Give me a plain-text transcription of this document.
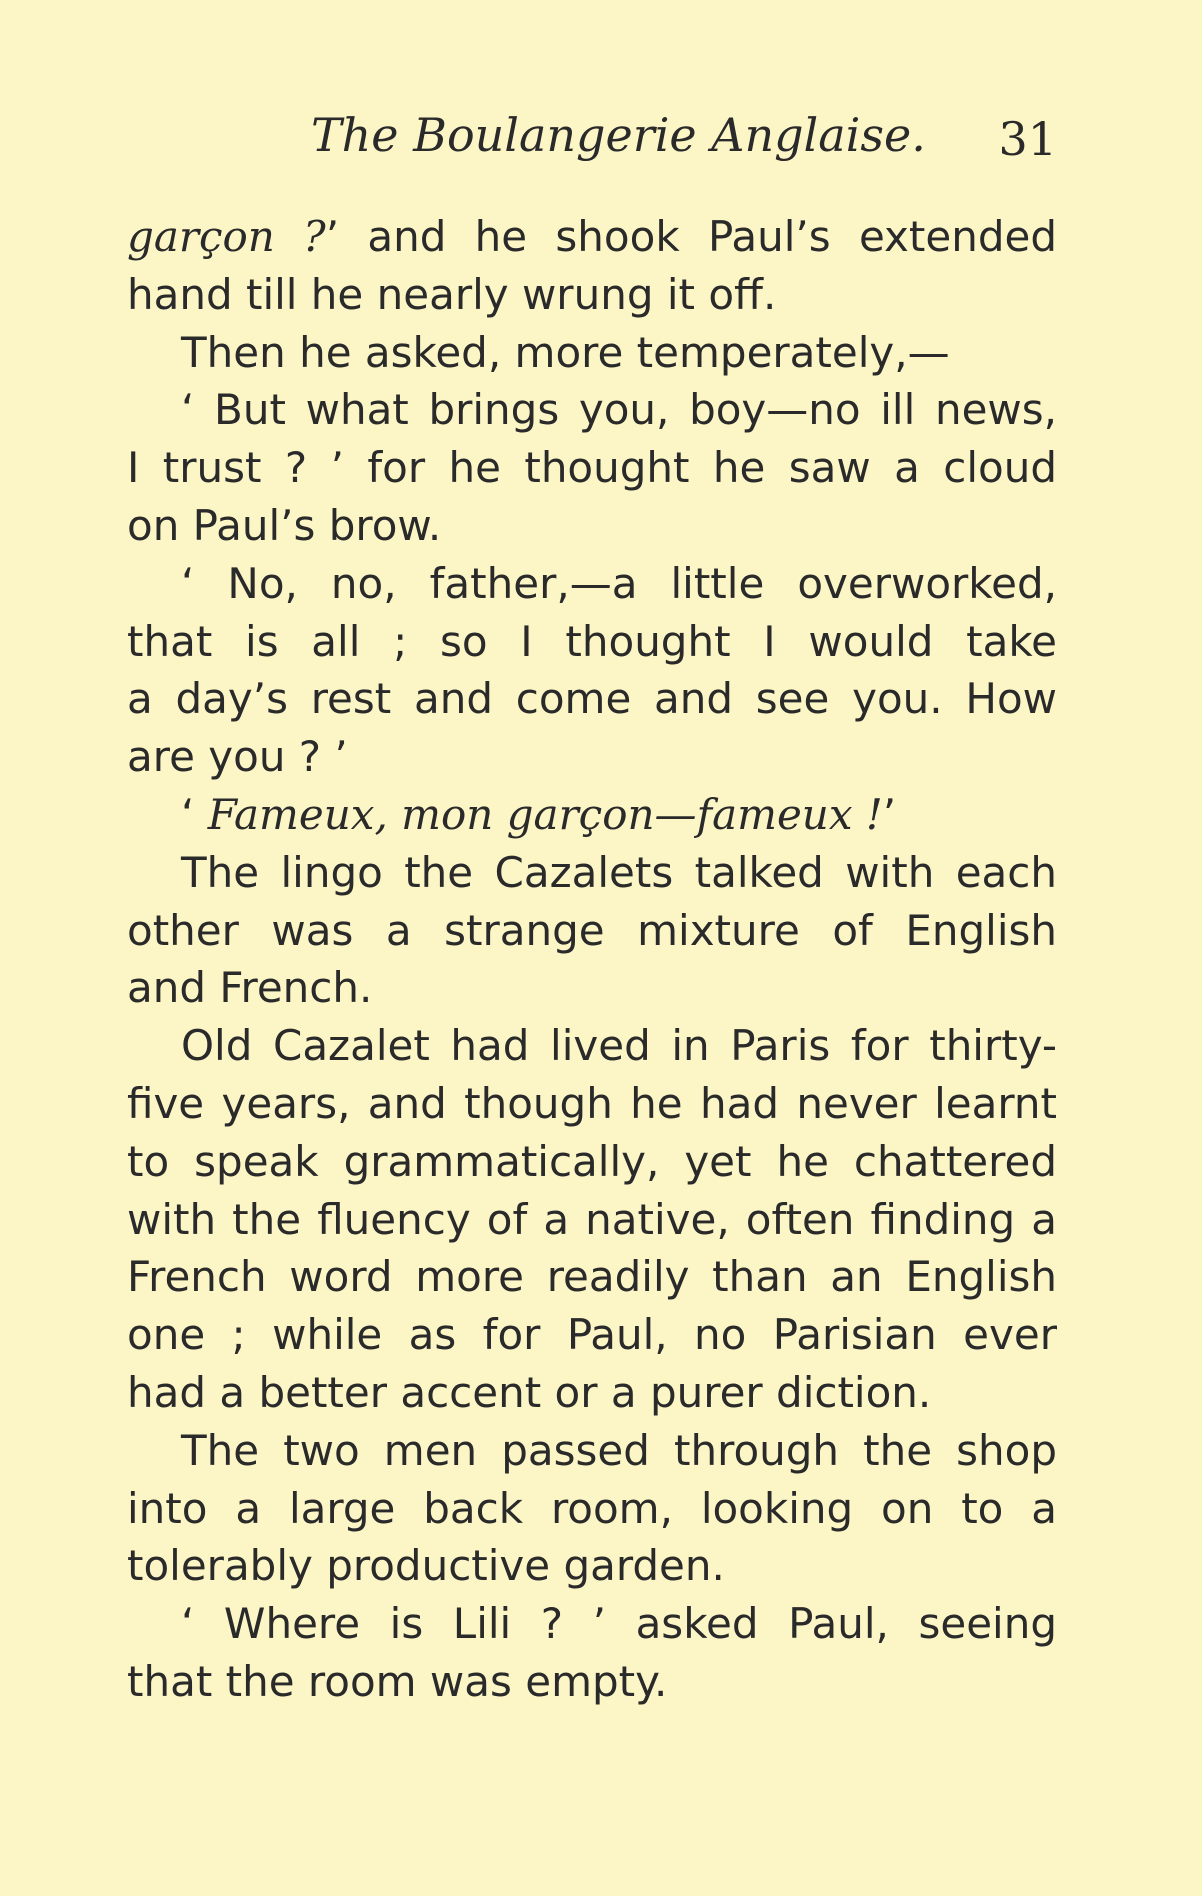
The Boulangerie Anglaise. 31
garçon ?’ and he shook Paul’s extended
hand till he nearly wrung it off.
Then he asked, more temperately,—
‘ But what brings you, boy—no ill news,
I trust ? ’ for he thought he saw a cloud
on Paul’s brow.
‘ No, no, father,—a little overworked,
that is all ; so I thought I would take
a day’s rest and come and see you. How
are you ? ’
‘ Fameux, mon garçon—fameux !’
The lingo the Cazalets talked with each
other was a strange mixture of English
and French.
Old Cazalet had lived in Paris for thirty-
five years, and though he had never learnt
to speak grammatically, yet he chattered
with the fluency of a native, often finding a
French word more readily than an English
one ; while as for Paul, no Parisian ever
had a better accent or a purer diction.
The two men passed through the shop
into a large back room, looking on to a
tolerably productive garden.
‘ Where is Lili ? ’ asked Paul, seeing
that the room was empty.
